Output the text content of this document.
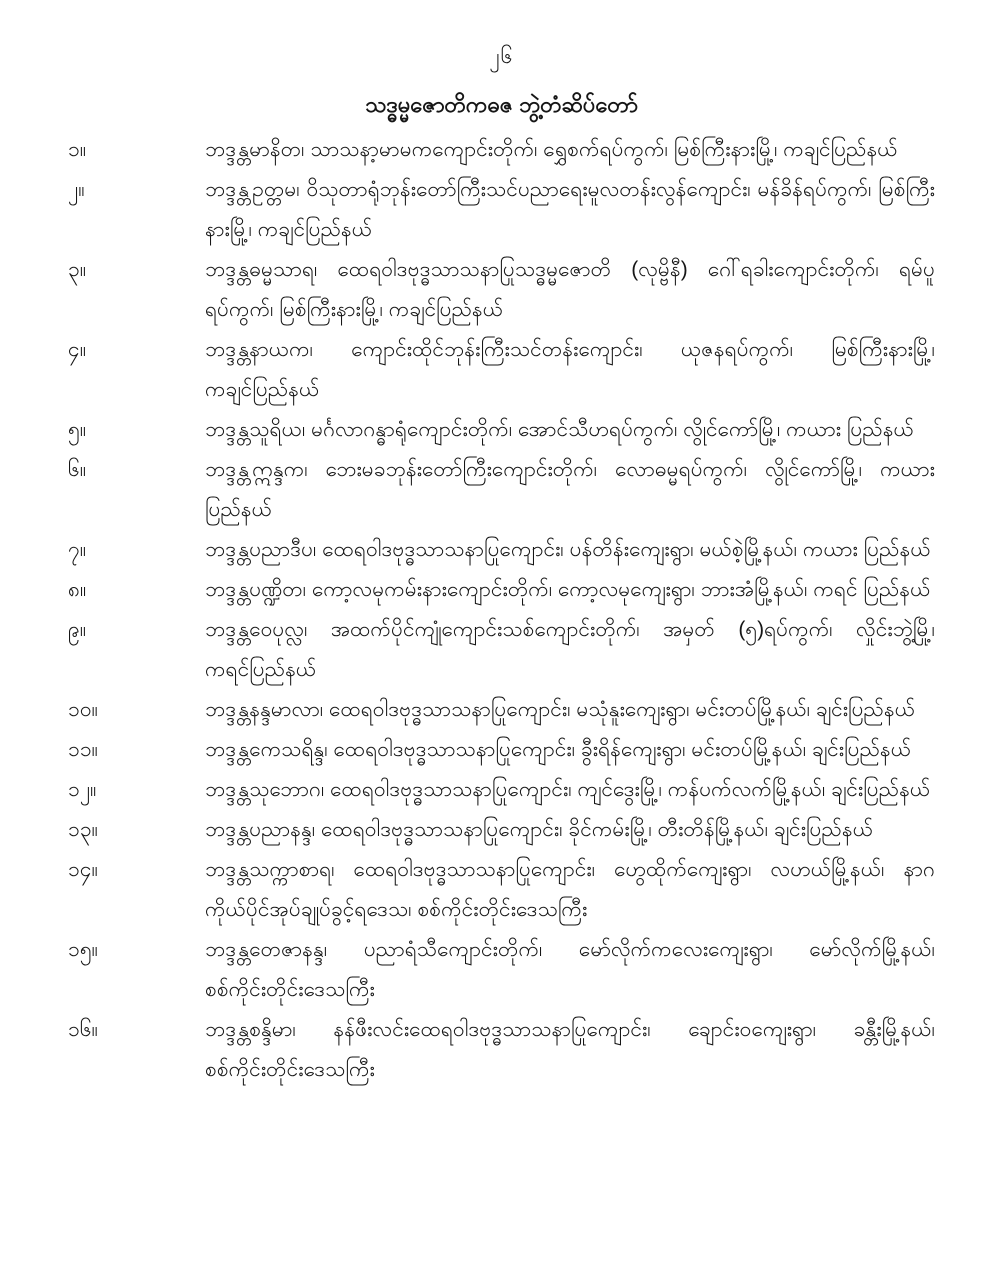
၂၆
သဒ္ဓမ္မဇောတိကဓဇ ဘွဲ့တံဆိပ်တော်
၁။	ဘဒ္ဒန္တမာနိတ၊ သာသနာ့မာမကကျောင်းတိုက်၊ ရွှေစက်ရပ်ကွက်၊ မြစ်ကြီးနားမြို့၊ ကချင်ပြည်နယ်
၂။	ဘဒ္ဒန္တဥတ္တမ၊ ဝိသုတာရုံဘုန်းတော်ကြီးသင်ပညာရေးမူလတန်းလွန်ကျောင်း၊ မန်ခိန်ရပ်ကွက်၊ မြစ်ကြီးနားမြို့၊ ကချင်ပြည်နယ်
၃။	ဘဒ္ဒန္တဓမ္မသာရ၊ ထေရဝါဒဗုဒ္ဓသာသနာပြုသဒ္ဓမ္မဇောတိ (လုမ္ဗိနီ) ဂေါ်ရခါးကျောင်းတိုက်၊ ရမ်ပူ ရပ်ကွက်၊ မြစ်ကြီးနားမြို့၊ ကချင်ပြည်နယ်
၄။	ဘဒ္ဒန္တနာယက၊ ကျောင်းထိုင်ဘုန်းကြီးသင်တန်းကျောင်း၊ ယုဇနရပ်ကွက်၊ မြစ်ကြီးနားမြို့၊ ကချင်ပြည်နယ်
၅။	ဘဒ္ဒန္တသူရိယ၊ မင်္ဂလာဂန္ဓာရုံကျောင်းတိုက်၊ အောင်သီဟရပ်ကွက်၊ လွိုင်ကော်မြို့၊ ကယား ပြည်နယ်
၆။	ဘဒ္ဒန္တဣန္ဒက၊ ဘေးမခဘုန်းတော်ကြီးကျောင်းတိုက်၊ လောဓမ္မရပ်ကွက်၊ လွိုင်ကော်မြို့၊ ကယား ပြည်နယ်
၇။	ဘဒ္ဒန္တပညာဒီပ၊ ထေရဝါဒဗုဒ္ဓသာသနာပြုကျောင်း၊ ပန်တိန်းကျေးရွာ၊ မယ်စဲ့မြို့နယ်၊ ကယား ပြည်နယ်
၈။	ဘဒ္ဒန္တပဏ္ဍိတ၊ ကော့လမုကမ်းနားကျောင်းတိုက်၊ ကော့လမုကျေးရွာ၊ ဘားအံမြို့နယ်၊ ကရင် ပြည်နယ်
၉။	ဘဒ္ဒန္တဝေပုလ္လ၊ အထက်ပိုင်ကျုံကျောင်းသစ်ကျောင်းတိုက်၊ အမှတ် (၅)ရပ်ကွက်၊ လှိုင်းဘွဲ့မြို့၊ ကရင်ပြည်နယ်
၁၀။	ဘဒ္ဒန္တနန္ဒမာလာ၊ ထေရဝါဒဗုဒ္ဓသာသနာပြုကျောင်း၊ မသုံနူးကျေးရွာ၊ မင်းတပ်မြို့နယ်၊ ချင်းပြည်နယ်
၁၁။	ဘဒ္ဒန္တကေသရိန္ဒ၊ ထေရဝါဒဗုဒ္ဓသာသနာပြုကျောင်း၊ ခွီးရိန်ကျေးရွာ၊ မင်းတပ်မြို့နယ်၊ ချင်းပြည်နယ်
၁၂။	ဘဒ္ဒန္တသုဘောဂ၊ ထေရဝါဒဗုဒ္ဓသာသနာပြုကျောင်း၊ ကျင်ဒွေးမြို့၊ ကန်ပက်လက်မြို့နယ်၊ ချင်းပြည်နယ်
၁၃။	ဘဒ္ဒန္တပညာနန္ဒ၊ ထေရဝါဒဗုဒ္ဓသာသနာပြုကျောင်း၊ ခိုင်ကမ်းမြို့၊ တီးတိန်မြို့နယ်၊ ချင်းပြည်နယ်
၁၄။	ဘဒ္ဒန္တသက္ကာစာရ၊ ထေရဝါဒဗုဒ္ဓသာသနာပြုကျောင်း၊ ဟွေထိုက်ကျေးရွာ၊ လဟယ်မြို့နယ်၊ နာဂ ကိုယ်ပိုင်အုပ်ချုပ်ခွင့်ရဒေသ၊ စစ်ကိုင်းတိုင်းဒေသကြီး
၁၅။	ဘဒ္ဒန္တတေဇာနန္ဒ၊ ပညာရံသီကျောင်းတိုက်၊ မော်လိုက်ကလေးကျေးရွာ၊ မော်လိုက်မြို့နယ်၊ စစ်ကိုင်းတိုင်းဒေသကြီး
၁၆။	ဘဒ္ဒန္တစန္ဒိမာ၊ နန်ဖီးလင်းထေရဝါဒဗုဒ္ဓသာသနာပြုကျောင်း၊ ချောင်းဝကျေးရွာ၊ ခန္တီးမြို့နယ်၊ စစ်ကိုင်းတိုင်းဒေသကြီး
